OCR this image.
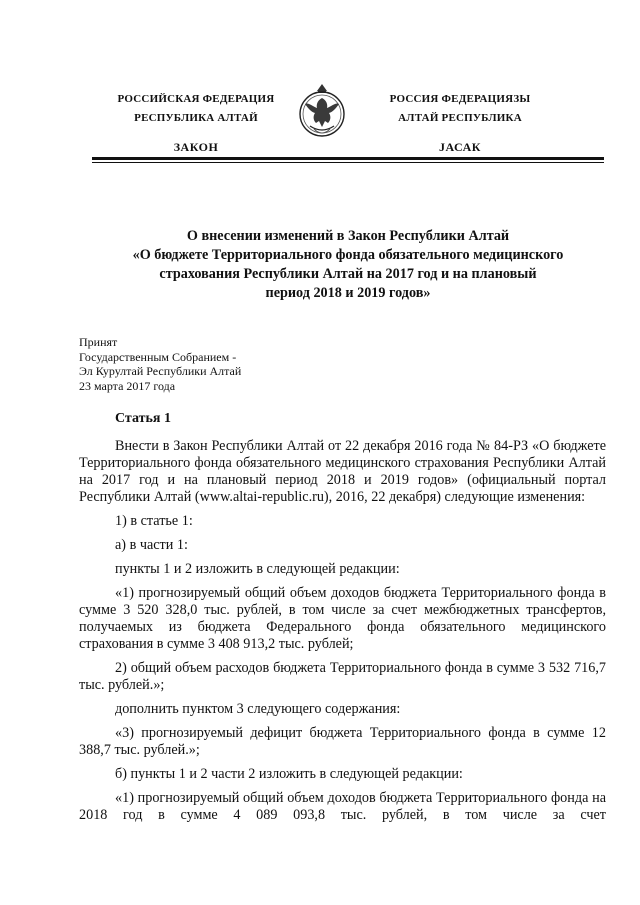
РОССИЙСКАЯ ФЕДЕРАЦИЯ
РЕСПУБЛИКА АЛТАЙ
ЗАКОН
РОССИЯ ФЕДЕРАЦИЯЗЫ
АЛТАЙ РЕСПУБЛИКА
JАСАК
О внесении изменений в Закон Республики Алтай
«О бюджете Территориального фонда обязательного медицинского
страхования Республики Алтай на 2017 год и на плановый
период 2018 и 2019 годов»
Принят
Государственным Собранием -
Эл Курултай Республики Алтай
23 марта 2017 года
Статья 1
Внести в Закон Республики Алтай от 22 декабря 2016 года № 84-РЗ «О бюджете Территориального фонда обязательного медицинского страхования Республики Алтай на 2017 год и на плановый период 2018 и 2019 годов» (официальный портал Республики Алтай (www.altai-republic.ru), 2016, 22 декабря) следующие изменения:
1) в статье 1:
а) в части 1:
пункты 1 и 2 изложить в следующей редакции:
«1) прогнозируемый общий объем доходов бюджета Территориального фонда в сумме 3 520 328,0 тыс. рублей, в том числе за счет межбюджетных трансфертов, получаемых из бюджета Федерального фонда обязательного медицинского страхования в сумме 3 408 913,2 тыс. рублей;
2) общий объем расходов бюджета Территориального фонда в сумме 3 532 716,7 тыс. рублей.»;
дополнить пунктом 3 следующего содержания:
«3) прогнозируемый дефицит бюджета Территориального фонда в сумме 12 388,7 тыс. рублей.»;
б) пункты 1 и 2 части 2 изложить в следующей редакции:
«1) прогнозируемый общий объем доходов бюджета Территориального фонда на 2018 год в сумме 4 089 093,8 тыс. рублей, в том числе за счет
